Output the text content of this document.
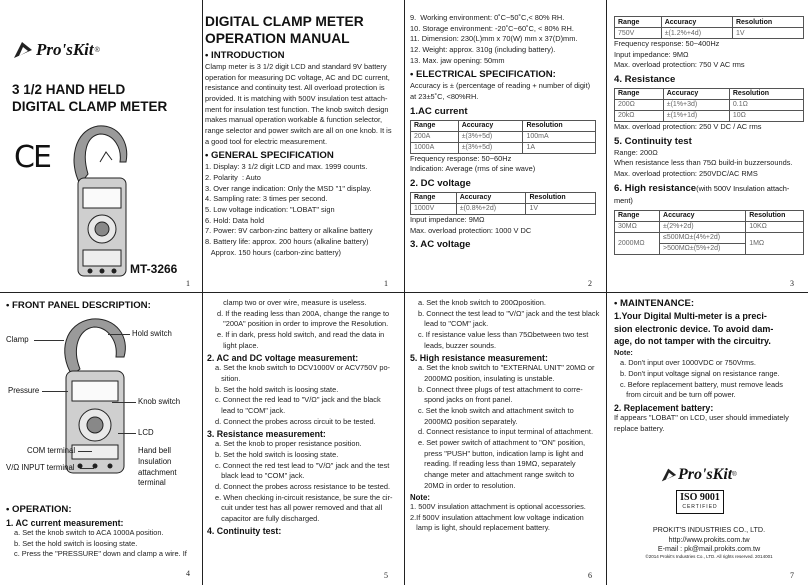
Pro'sKit ®
3 1/2 HAND HELD
DIGITAL CLAMP METER
CE
MT-3266
1
DIGITAL CLAMP METER
OPERATION MANUAL
• INTRODUCTION
Clamp meter is 3 1/2 digit LCD and standard 9V battery
operation for measuring DC voltage, AC and DC current,
resistance and continuity test. All overload protection is
provided. It is matching with 500V insulation test attach-
ment for insulation test function. The knob switch design
makes manual operation workable & function selector,
range selector and power switch are all on one knob. It is
a good tool for electric measurement.
• GENERAL SPECIFICATION
1. Display: 3 1/2 digit LCD and max. 1999 counts.
2. Polarity  : Auto
3. Over range indication: Only the MSD "1" display.
4. Sampling rate: 3 times per second.
5. Low voltage indication: "LOBAT" sign
6. Hold: Data hold
7. Power: 9V carbon-zinc battery or alkaline battery
8. Battery life: approx. 200 hours (alkaline battery)
Approx. 150 hours (carbon-zinc battery)
1
9.  Working environment: 0˚C~50˚C,< 80% RH.
10. Storage environment: -20˚C~60˚C, < 80% RH.
11. Dimension: 230(L)mm x 70(W) mm x 37(D)mm.
12. Weight: approx. 310g (including battery).
13. Max. jaw opening: 50mm
• ELECTRICAL SPECIFICATION:
Accuracy is ± (percentage of reading + number of digit)
at 23±5˚C, <80%RH.
1.AC current
Range	Accuracy	Resolution
200A	±(3%+5d)	100mA
1000A	±(3%+5d)	1A
Frequency response: 50~60Hz
Indication: Average (rms of sine wave)
2. DC voltage
Range	Accuracy	Resolution
1000V	±(0.8%+2d)	1V
Input impedance: 9MΩ
Max. overload protection: 1000 V DC
3. AC voltage
2
Range	Accuracy	Resolution
750V	±(1.2%+4d)	1V
Frequency response: 50~400Hz
Input impedance: 9MΩ
Max. overload protection: 750 V AC rms
4. Resistance
Range	Accuracy	Resolution
200Ω	±(1%+3d)	0.1Ω
20kΩ	±(1%+1d)	10Ω
Max. overload protection: 250 V DC / AC rms
5. Continuity test
Range: 200Ω
When resistance less than 75Ω build-in buzzersounds.
Max. overload protection: 250VDC/AC RMS
6. High resistance(with 500V Insulation attach-
ment)
Range	Accuracy	Resolution
30MΩ	±(2%+2d)	10KΩ
2000MΩ	≤500MΩ±(4%+2d)	1MΩ
	>500MΩ±(5%+2d)	
3
• FRONT PANEL DESCRIPTION:
Clamp
Hold switch
Pressure
Knob switch
LCD
COM terminal	Hand bell
V/Ω INPUT terminal
Insulation
attachment
terminal
• OPERATION:
1. AC current measurement:
a. Set the knob switch to ACA 1000A position.
b. Set the hold switch is loosing state.
c. Press the "PRESSURE" down and clamp a wire. If
4
clamp two or over wire, measure is useless.
d. If the reading less than 200A, change the range to
"200A" position in order to improve the Resolution.
e. If in dark, press hold switch, and read the data in
light place.
2. AC and DC voltage measurement:
a. Set the knob switch to DCV1000V or ACV750V po-
sition.
b. Set the hold switch is loosing state.
c. Connect the red lead to "V/Ω" jack and the black
lead to "COM" jack.
d. Connect the probes across circuit to be tested.
3. Resistance measurement:
a. Set the knob to proper resistance position.
b. Set the hold switch is loosing state.
c. Connect the red test lead to "V/Ω" jack and the test
black lead to "COM" jack.
d. Connect the probes across resistance to be tested.
e. When checking in-circuit resistance, be sure the cir-
cuit under test has all power removed and that all
capacitor are fully discharged.
4. Continuity test:
5
a. Set the knob switch to 200Ωposition.
b. Connect the test lead to "V/Ω" jack and the test black
lead to "COM" jack.
c. If resistance value less than 75Ωbetween two test
leads, buzzer sounds.
5. High resistance measurement:
a. Set the knob switch to "EXTERNAL UNIT" 20MΩ or
2000MΩ position, insulating is unstable.
b. Connect three plugs of test attachment to corre-
spond jacks on front panel.
c. Set the knob switch and attachment switch to
2000MΩ position separately.
d. Connect resistance to input terminal of attachment.
e. Set power switch of attachment to "ON" position,
press "PUSH" button, indication lamp is light and
reading. If reading less than 19MΩ, separately
change meter and attachment range switch to
20MΩ in order to resolution.
Note:
1. 500V insulation attachment is optional accessories.
2.If 500V insulation attachment low voltage indication
lamp is light, should replacement battery.
6
• MAINTENANCE:
1.Your Digital Multi-meter is a preci-
sion electronic device. To avoid dam-
age, do not tamper with the circuitry.
Note:
a. Don't input over 1000VDC or 750Vrms.
b. Don't input voltage signal on resistance range.
c. Before replacement battery, must remove leads
from circuit and be turn off power.
2. Replacement battery:
If appears "LOBAT" on LCD, user should immediately
replace battery.
Pro'sKit ®
ISO 9001
CERTIFIED
PROKIT'S INDUSTRIES CO., LTD.
http://www.prokits.com.tw
E-mail : pk@mail.prokits.com.tw
©2014 Prokit's Industries Co., LTD. All rights reserved. 2014001
7
